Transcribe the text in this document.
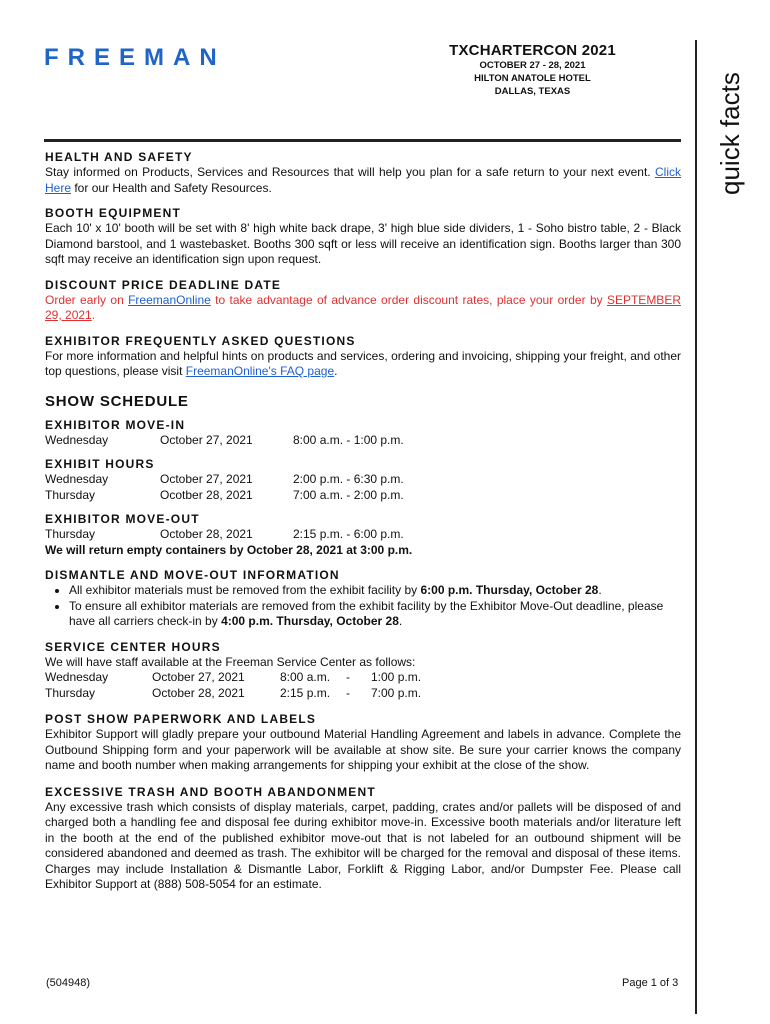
FREEMAN	TXCHARTERCON 2021
OCTOBER 27 - 28, 2021
HILTON ANATOLE HOTEL
DALLAS, TEXAS	quick facts
HEALTH AND SAFETY

Stay informed on Products, Services and Resources that will help you plan for a safe return to your next event. Click Here for our Health and Safety Resources.

BOOTH EQUIPMENT

Each 10' x 10' booth will be set with 8' high white back drape, 3' high blue side dividers, 1 - Soho bistro table, 2 - Black Diamond barstool, and 1 wastebasket. Booths 300 sqft or less will receive an identification sign. Booths larger than 300 sqft may receive an identification sign upon request.

DISCOUNT PRICE DEADLINE DATE

Order early on FreemanOnline to take advantage of advance order discount rates, place your order by SEPTEMBER 29, 2021.

EXHIBITOR FREQUENTLY ASKED QUESTIONS

For more information and helpful hints on products and services, ordering and invoicing, shipping your freight, and other top questions, please visit FreemanOnline's FAQ page.

SHOW SCHEDULE
EXHIBITOR MOVE-IN
Wednesday	October 27, 2021	8:00 a.m. - 1:00 p.m.
EXHIBIT HOURS
Wednesday	October 27, 2021	2:00 p.m. - 6:30 p.m.
Thursday	Ocotber 28, 2021	7:00 a.m. - 2:00 p.m.
EXHIBITOR MOVE-OUT
Thursday	October 28, 2021	2:15 p.m. - 6:00 p.m.

We will return empty containers by October 28, 2021 at 3:00 p.m.

DISMANTLE AND MOVE-OUT INFORMATION
• All exhibitor materials must be removed from the exhibit facility by 6:00 p.m. Thursday, October 28.
• To ensure all exhibitor materials are removed from the exhibit facility by the Exhibitor Move-Out deadline, please have all carriers check-in by 4:00 p.m. Thursday, October 28.
SERVICE CENTER HOURS

We will have staff available at the Freeman Service Center as follows:

Wednesday	October 27, 2021	8:00 a.m.	-	1:00 p.m.
Thursday	October 28, 2021	2:15 p.m.	-	7:00 p.m.
POST SHOW PAPERWORK AND LABELS

Exhibitor Support will gladly prepare your outbound Material Handling Agreement and labels in advance. Complete the Outbound Shipping form and your paperwork will be available at show site. Be sure your carrier knows the company name and booth number when making arrangements for shipping your exhibit at the close of the show.

EXCESSIVE TRASH AND BOOTH ABANDONMENT

Any excessive trash which consists of display materials, carpet, padding, crates and/or pallets will be disposed of and charged both a handling fee and disposal fee during exhibitor move-in. Excessive booth materials and/or literature left in the booth at the end of the published exhibitor move-out that is not labeled for an outbound shipment will be considered abandoned and deemed as trash. The exhibitor will be charged for the removal and disposal of these items. Charges may include Installation & Dismantle Labor, Forklift & Rigging Labor, and/or Dumpster Fee. Please call Exhibitor Support at (888) 508-5054 for an estimate.

(504948)	Page 1 of 3
